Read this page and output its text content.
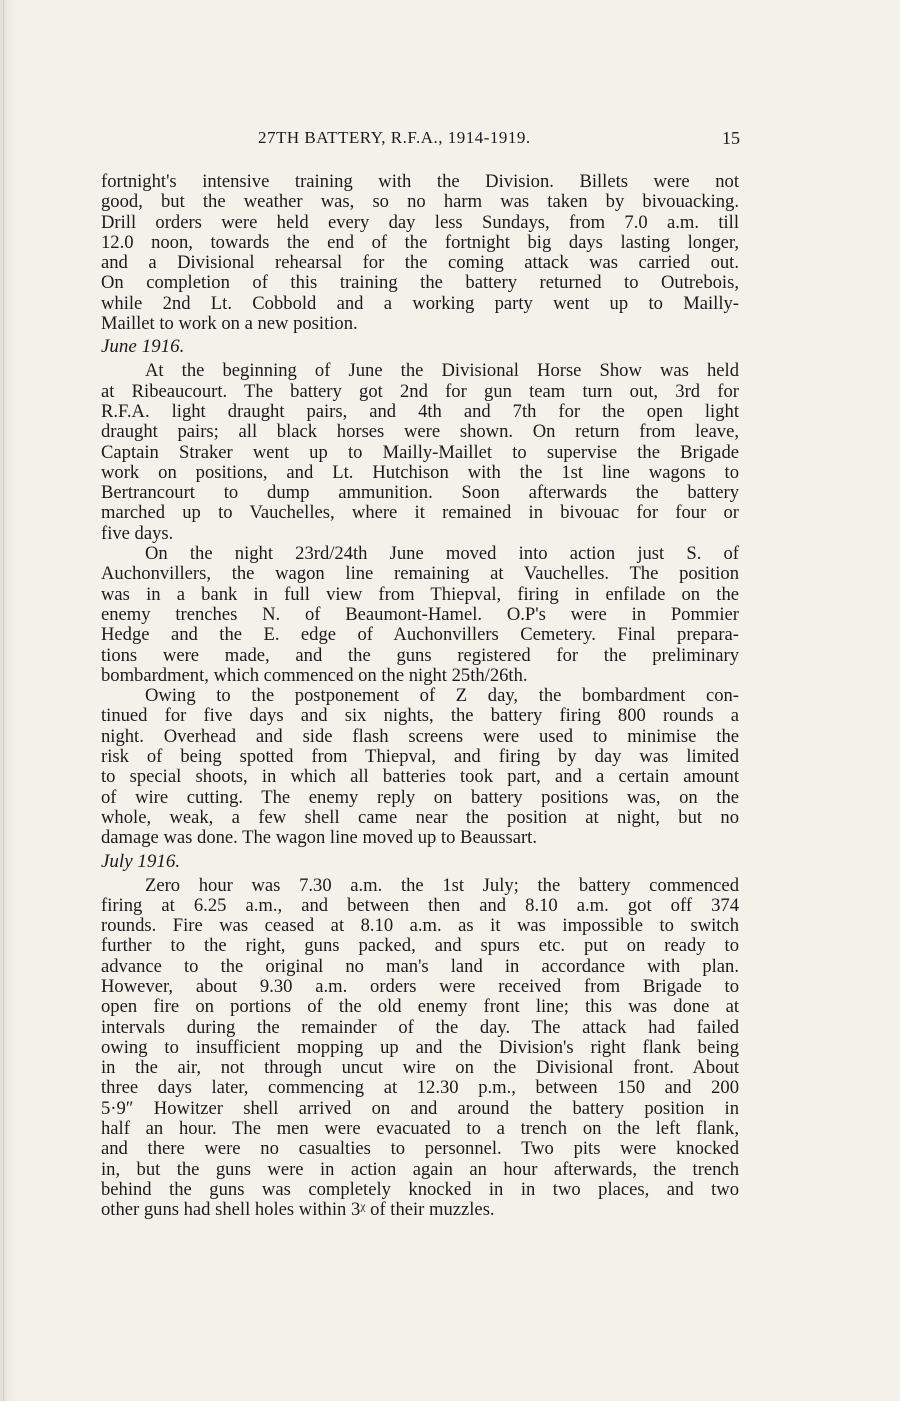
27TH BATTERY, R.F.A., 1914-1919.	15
fortnight's intensive training with the Division. Billets were not
good, but the weather was, so no harm was taken by bivouacking.
Drill orders were held every day less Sundays, from 7.0 a.m. till
12.0 noon, towards the end of the fortnight big days lasting longer,
and a Divisional rehearsal for the coming attack was carried out.
On completion of this training the battery returned to Outrebois,
while 2nd Lt. Cobbold and a working party went up to Mailly-
Maillet to work on a new position.
June 1916.
At the beginning of June the Divisional Horse Show was held
at Ribeaucourt. The battery got 2nd for gun team turn out, 3rd for
R.F.A. light draught pairs, and 4th and 7th for the open light
draught pairs; all black horses were shown. On return from leave,
Captain Straker went up to Mailly-Maillet to supervise the Brigade
work on positions, and Lt. Hutchison with the 1st line wagons to
Bertrancourt to dump ammunition. Soon afterwards the battery
marched up to Vauchelles, where it remained in bivouac for four or
five days.
On the night 23rd/24th June moved into action just S. of
Auchonvillers, the wagon line remaining at Vauchelles. The position
was in a bank in full view from Thiepval, firing in enfilade on the
enemy trenches N. of Beaumont-Hamel. O.P's were in Pommier
Hedge and the E. edge of Auchonvillers Cemetery. Final prepara-
tions were made, and the guns registered for the preliminary
bombardment, which commenced on the night 25th/26th.
Owing to the postponement of Z day, the bombardment con-
tinued for five days and six nights, the battery firing 800 rounds a
night. Overhead and side flash screens were used to minimise the
risk of being spotted from Thiepval, and firing by day was limited
to special shoots, in which all batteries took part, and a certain amount
of wire cutting. The enemy reply on battery positions was, on the
whole, weak, a few shell came near the position at night, but no
damage was done. The wagon line moved up to Beaussart.
July 1916.
Zero hour was 7.30 a.m. the 1st July; the battery commenced
firing at 6.25 a.m., and between then and 8.10 a.m. got off 374
rounds. Fire was ceased at 8.10 a.m. as it was impossible to switch
further to the right, guns packed, and spurs etc. put on ready to
advance to the original no man's land in accordance with plan.
However, about 9.30 a.m. orders were received from Brigade to
open fire on portions of the old enemy front line; this was done at
intervals during the remainder of the day. The attack had failed
owing to insufficient mopping up and the Division's right flank being
in the air, not through uncut wire on the Divisional front. About
three days later, commencing at 12.30 p.m., between 150 and 200
5·9″ Howitzer shell arrived on and around the battery position in
half an hour. The men were evacuated to a trench on the left flank,
and there were no casualties to personnel. Two pits were knocked
in, but the guns were in action again an hour afterwards, the trench
behind the guns was completely knocked in in two places, and two
other guns had shell holes within 3ᵡ of their muzzles.
